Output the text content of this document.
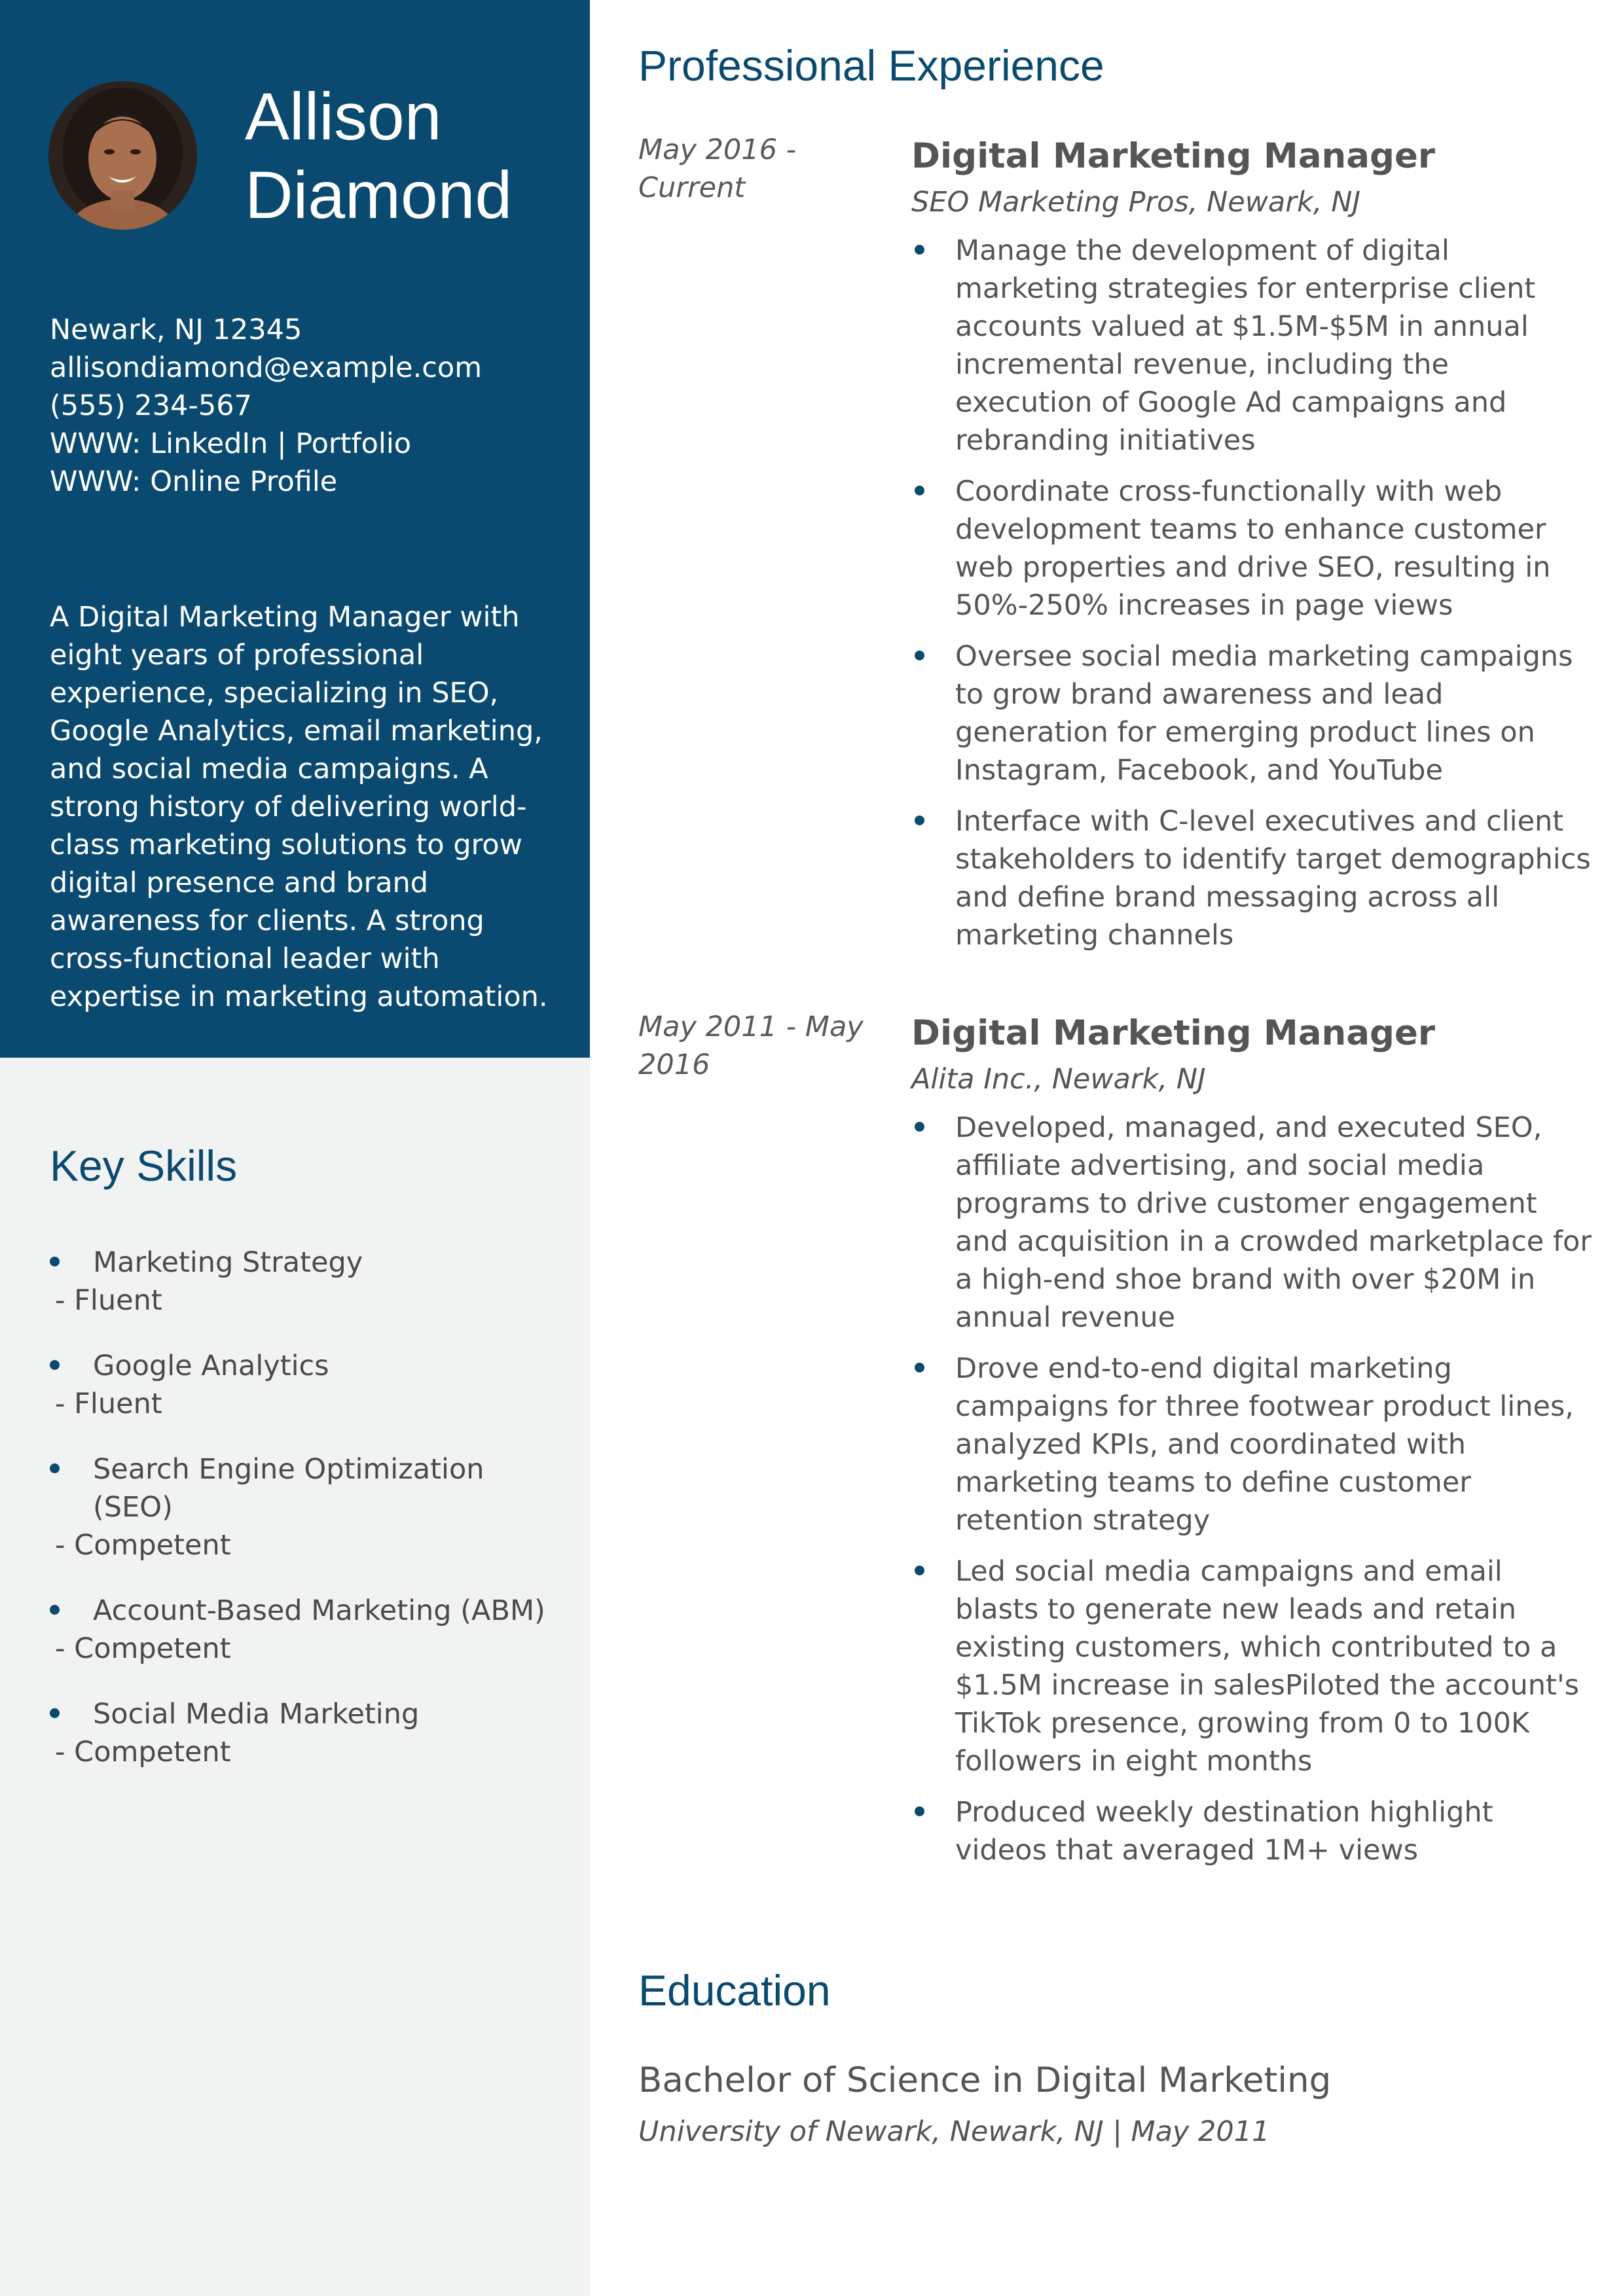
Allison
Diamond
Newark, NJ 12345
allisondiamond@example.com
(555) 234-567
WWW: LinkedIn | Portfolio
WWW: Online Profile
A Digital Marketing Manager with eight years of professional experience, specializing in SEO, Google Analytics, email marketing, and social media campaigns. A strong history of delivering world-class marketing solutions to grow digital presence and brand awareness for clients. A strong cross-functional leader with expertise in marketing automation.
Key Skills
Marketing Strategy
- Fluent
Google Analytics
- Fluent
Search Engine Optimization (SEO)
- Competent
Account-Based Marketing (ABM)
- Competent
Social Media Marketing
- Competent
Professional Experience
May 2016 - Current
Digital Marketing Manager
SEO Marketing Pros, Newark, NJ
Manage the development of digital marketing strategies for enterprise client accounts valued at $1.5M-$5M in annual incremental revenue, including the execution of Google Ad campaigns and rebranding initiatives
Coordinate cross-functionally with web development teams to enhance customer web properties and drive SEO, resulting in 50%-250% increases in page views
Oversee social media marketing campaigns to grow brand awareness and lead generation for emerging product lines on Instagram, Facebook, and YouTube
Interface with C-level executives and client stakeholders to identify target demographics and define brand messaging across all marketing channels
May 2011 - May 2016
Digital Marketing Manager
Alita Inc., Newark, NJ
Developed, managed, and executed SEO, affiliate advertising, and social media programs to drive customer engagement and acquisition in a crowded marketplace for a high-end shoe brand with over $20M in annual revenue
Drove end-to-end digital marketing campaigns for three footwear product lines, analyzed KPIs, and coordinated with marketing teams to define customer retention strategy
Led social media campaigns and email blasts to generate new leads and retain existing customers, which contributed to a $1.5M increase in salesPiloted the account's TikTok presence, growing from 0 to 100K followers in eight months
Produced weekly destination highlight videos that averaged 1M+ views
Education
Bachelor of Science in Digital Marketing
University of Newark, Newark, NJ | May 2011
